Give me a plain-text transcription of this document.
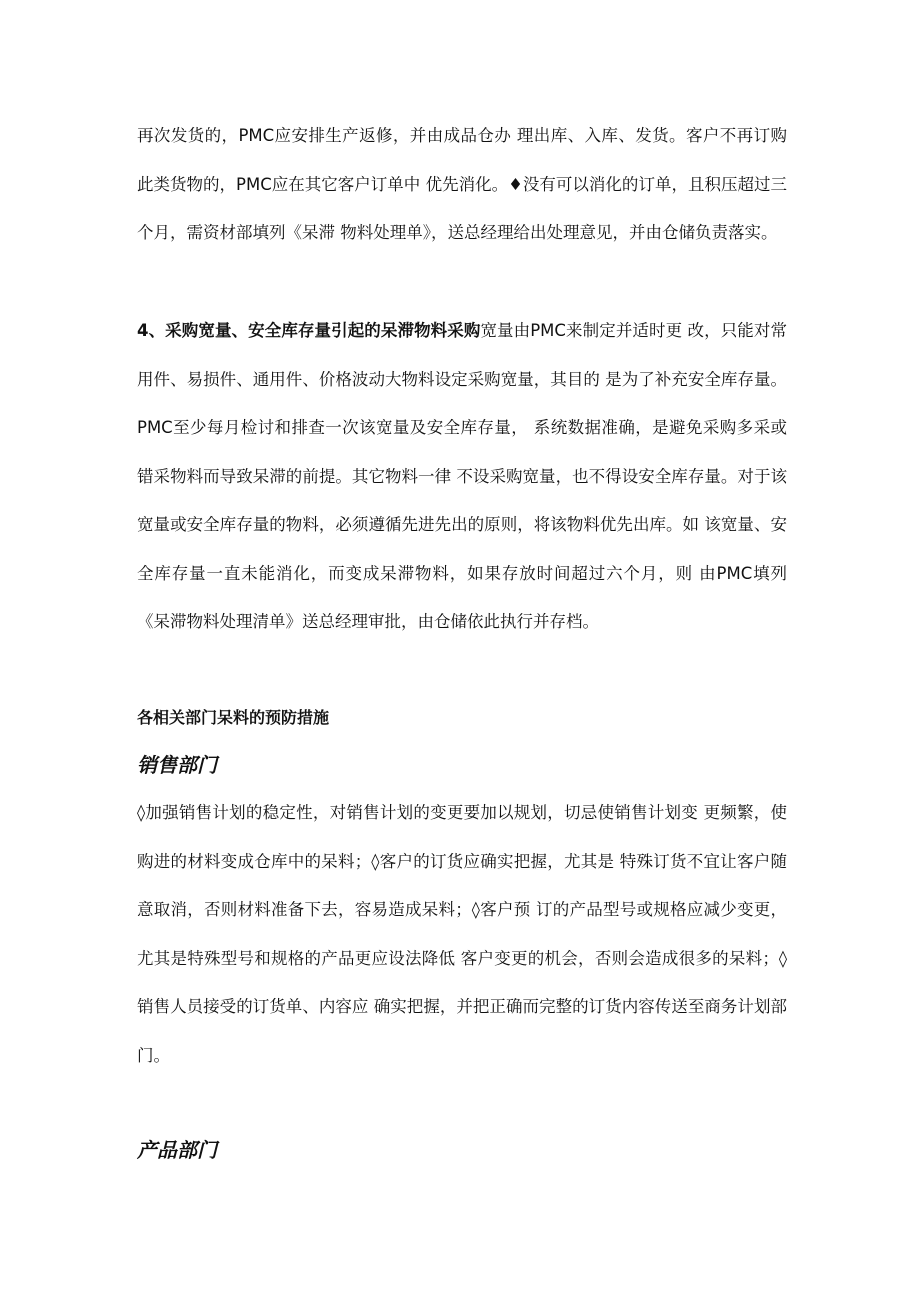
再次发货的，PMC应安排生产返修，并由成品仓办 理出库、入库、发货。客户不再订购此类货物的，PMC应在其它客户订单中 优先消化。♦没有可以消化的订单，且积压超过三个月，需资材部填列《呆滞 物料处理单》，送总经理给出处理意见，并由仓储负责落实。

4、采购宽量、安全库存量引起的呆滞物料采购宽量由PMC来制定并适时更 改，只能对常用件、易损件、通用件、价格波动大物料设定采购宽量，其目的 是为了补充安全库存量。PMC至少每月检讨和排查一次该宽量及安全库存量， 系统数据准确，是避免采购多采或错采物料而导致呆滞的前提。其它物料一律 不设采购宽量，也不得设安全库存量。对于该宽量或安全库存量的物料，必须遵循先进先出的原则，将该物料优先出库。如 该宽量、安全库存量一直未能消化，而变成呆滞物料，如果存放时间超过六个月，则 由PMC填列《呆滞物料处理清单》送总经理审批，由仓储依此执行并存档。

各相关部门呆料的预防措施
销售部门

◊加强销售计划的稳定性，对销售计划的变更要加以规划，切忌使销售计划变 更频繁，使购进的材料变成仓库中的呆料；◊客户的订货应确实把握，尤其是 特殊订货不宜让客户随意取消，否则材料准备下去，容易造成呆料；◊客户预 订的产品型号或规格应减少变更，尤其是特殊型号和规格的产品更应设法降低 客户变更的机会，否则会造成很多的呆料；◊销售人员接受的订货单、内容应 确实把握，并把正确而完整的订货内容传送至商务计划部门。

产品部门
